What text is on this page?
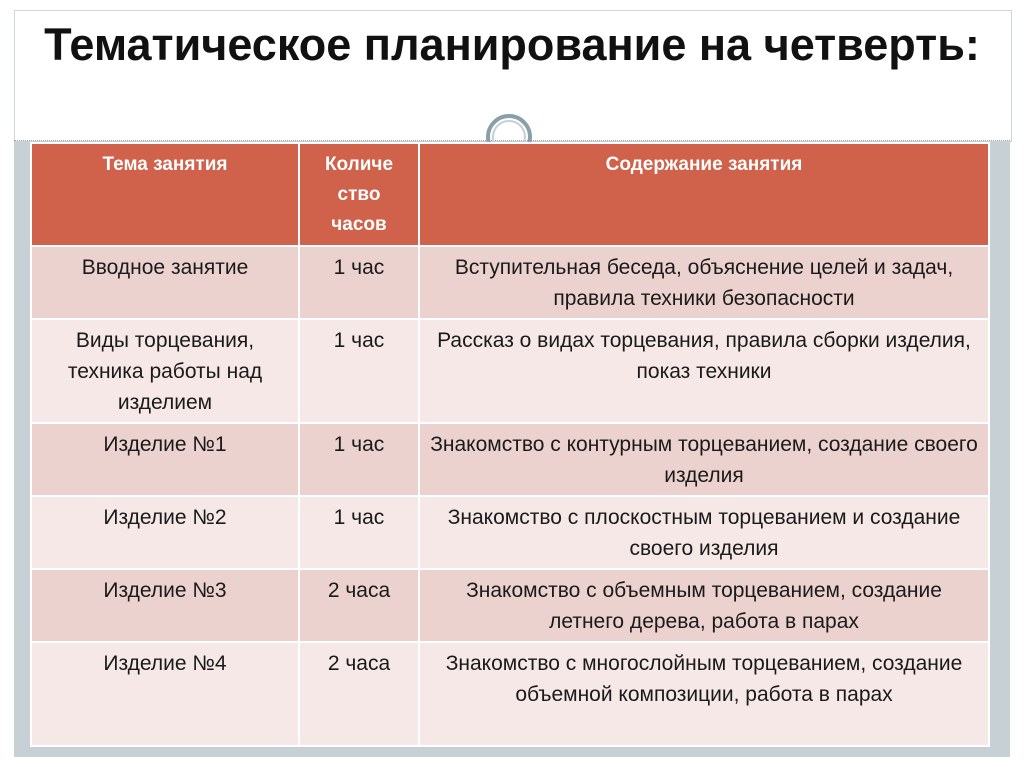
Тематическое планирование на четверть:
Тема занятия	Количе ство часов	Содержание занятия
Вводное занятие	1 час	Вступительная беседа, объяснение целей и задач, правила техники безопасности
Виды торцевания, техника работы над изделием	1 час	Рассказ о видах торцевания, правила сборки изделия, показ техники
Изделие №1	1 час	Знакомство с контурным торцеванием, создание своего изделия
Изделие №2	1 час	Знакомство с плоскостным торцеванием и создание своего изделия
Изделие №3	2 часа	Знакомство с объемным торцеванием, создание летнего дерева, работа в парах
Изделие №4	2 часа	Знакомство с многослойным торцеванием, создание объемной композиции, работа в парах
